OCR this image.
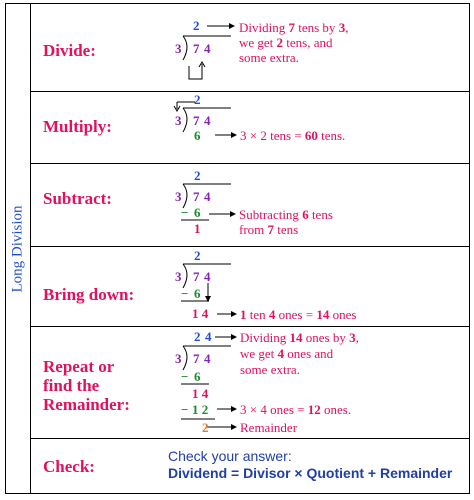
Long Division
Divide:
2
3 7 4
Dividing 7 tens by 3,
we get 2 tens, and
some extra.
Multiply:
2
3 7 4
6	3 × 2 tens = 60 tens.
Subtract:
2
3 7 4
− 6
1
Subtracting 6 tens
from 7 tens
Bring down:
2
3 7 4
− 6
1 4 1 ten 4 ones = 14 ones
Repeat or
find the
Remainder:
2 4
3 7 4
− 6
1 4
− 1 2
2
Dividing 14 ones by 3,
we get 4 ones and
some extra.
3 × 4 ones = 12 ones.
Remainder
Check:
Check your answer:
Dividend = Divisor × Quotient + Remainder
